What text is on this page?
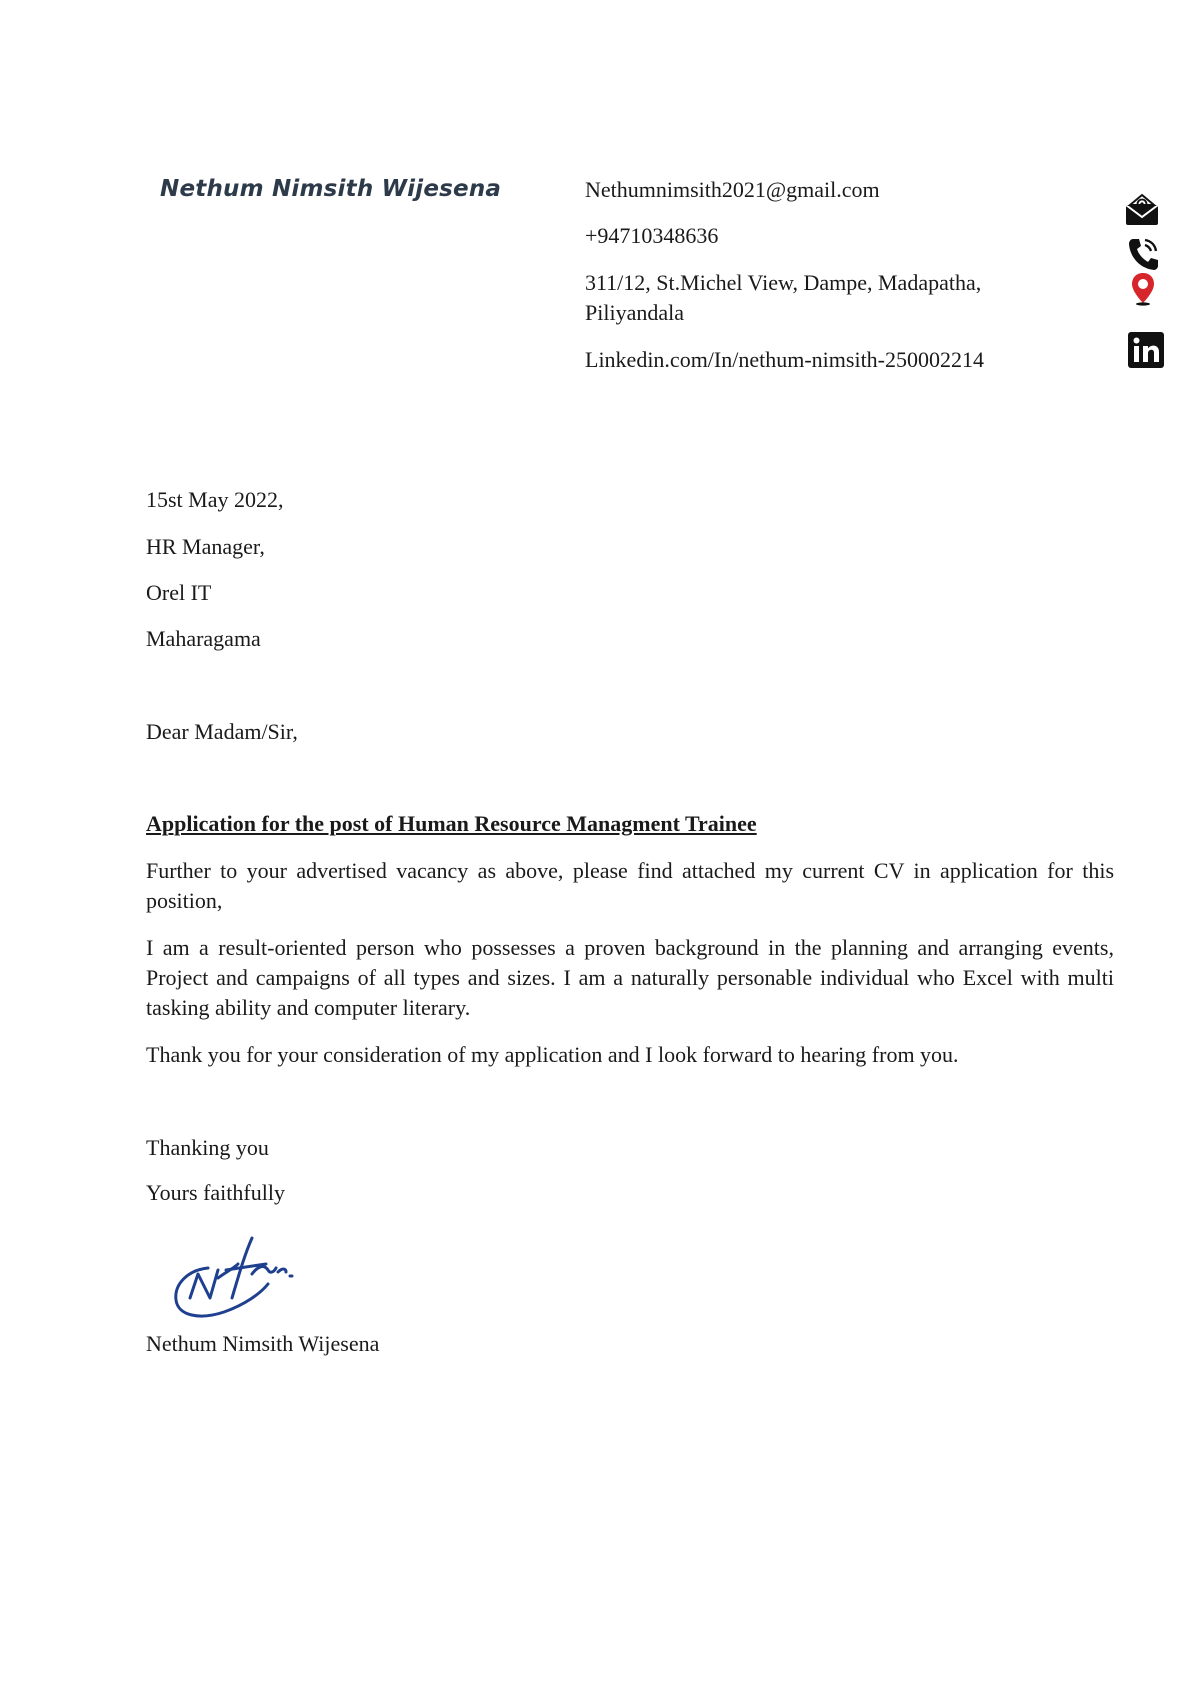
Nethum Nimsith Wijesena	Nethumnimsith2021@gmail.com
+94710348636
311/12, St.Michel View, Dampe, Madapatha,
Piliyandala
Linkedin.com/In/nethum-nimsith-250002214
15st May 2022,
HR Manager,
Orel IT
Maharagama
Dear Madam/Sir,
Application for the post of Human Resource Managment Trainee

Further to your advertised vacancy as above, please find attached my current CV in application for this position,

I am a result-oriented person who possesses a proven background in the planning and arranging events, Project and campaigns of all types and sizes. I am a naturally personable individual who Excel with multi tasking ability and computer literary.

Thank you for your consideration of my application and I look forward to hearing from you.

Thanking you
Yours faithfully
Nethum Nimsith Wijesena
